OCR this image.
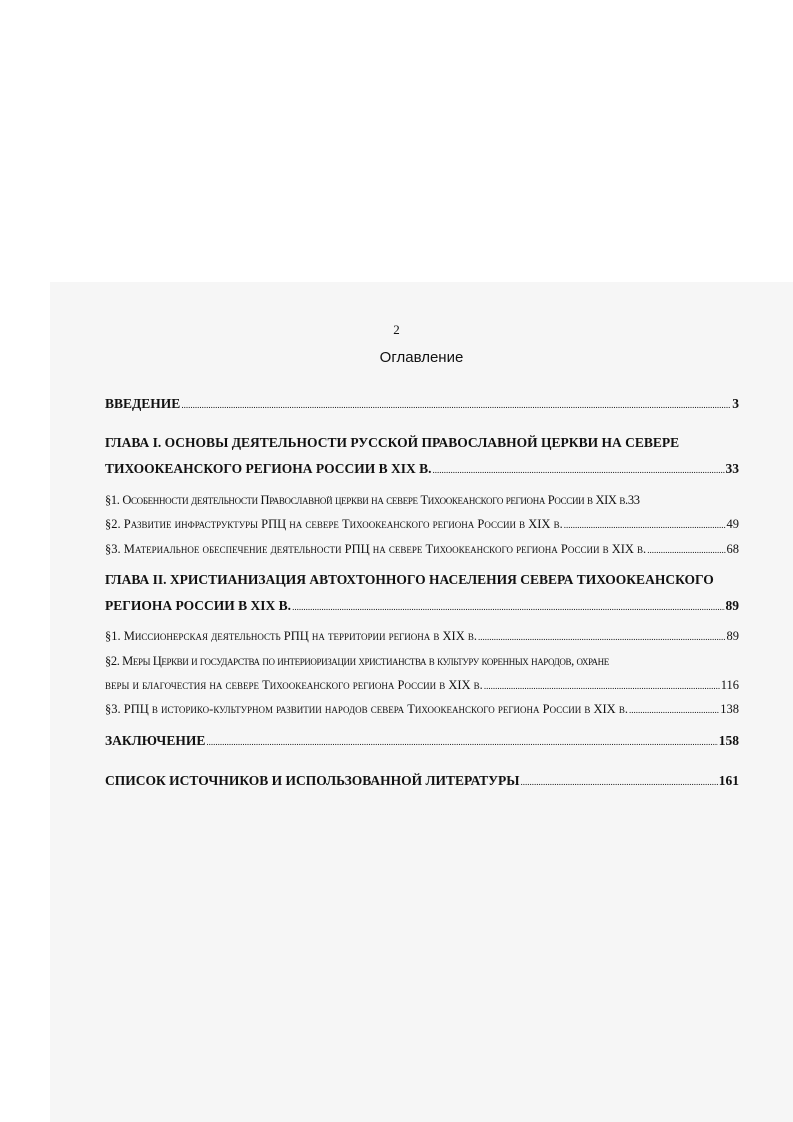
2
Оглавление
ВВЕДЕНИЕ .....	3
ГЛАВА I. ОСНОВЫ ДЕЯТЕЛЬНОСТИ РУССКОЙ ПРАВОСЛАВНОЙ ЦЕРКВИ НА СЕВЕРЕ
ТИХООКЕАНСКОГО РЕГИОНА РОССИИ В XIX В. .....	33
§1. Особенности деятельности Православной церкви на севере Тихоокеанского региона России в XIX в. 33
§2. Развитие инфраструктуры РПЦ на севере Тихоокеанского региона России в XIX в. .....	49
§3. Материальное обеспечение деятельности РПЦ на севере Тихоокеанского региона России в XIX в. .....	68
ГЛАВА II. ХРИСТИАНИЗАЦИЯ АВТОХТОННОГО НАСЕЛЕНИЯ СЕВЕРА ТИХООКЕАНСКОГО
РЕГИОНА РОССИИ В XIX В. .....	89
§1. Миссионерская деятельность РПЦ на территории региона в XIX в. .....	89
§2. Меры Церкви и государства по интериоризации христианства в культуру коренных народов, охране
веры и благочестия на севере Тихоокеанского региона России в XIX в. .....	116
§3. РПЦ в историко-культурном развитии народов севера Тихоокеанского региона России в XIX в. .....	138
ЗАКЛЮЧЕНИЕ .....	158
СПИСОК ИСТОЧНИКОВ И ИСПОЛЬЗОВАННОЙ ЛИТЕРАТУРЫ .....	161
